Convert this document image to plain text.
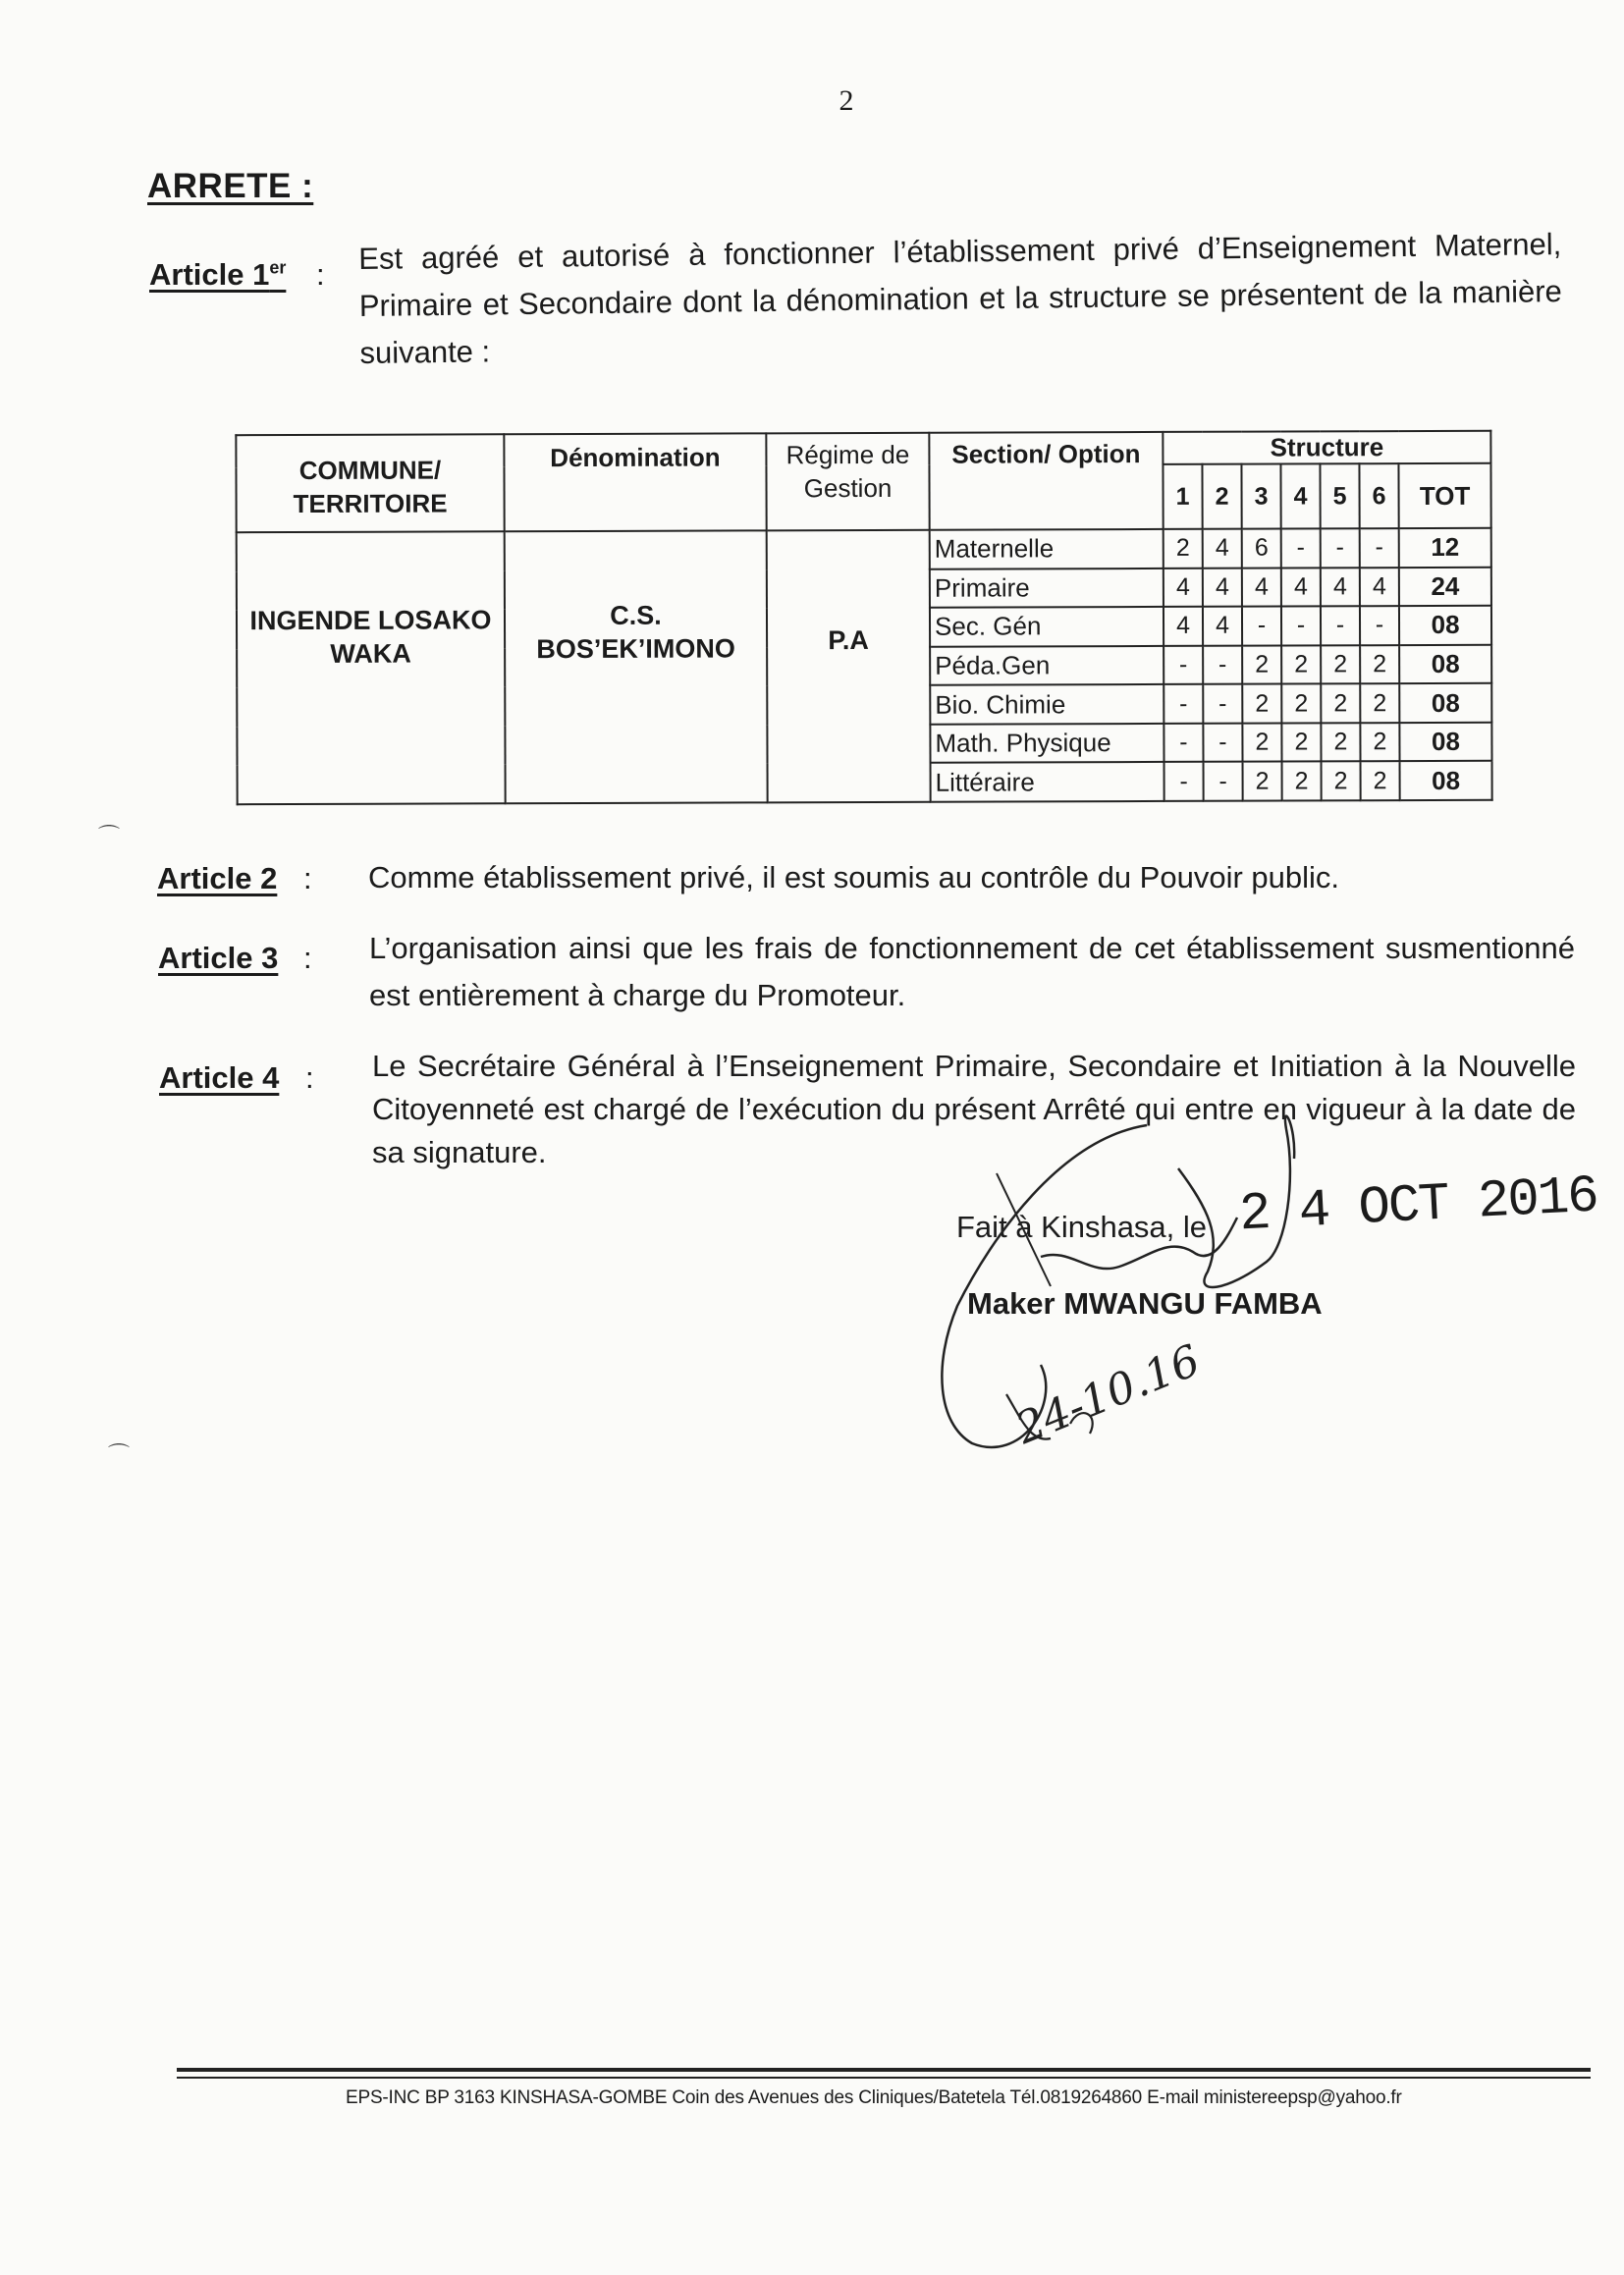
2
ARRETE :
Article 1er : Est agréé et autorisé à fonctionner l’établissement privé d’Enseignement Maternel, Primaire et Secondaire dont la dénomination et la structure se présentent de la manière suivante :
COMMUNE/ TERRITOIRE	Dénomination	Régime de Gestion	Section/ Option	Structure						
				1	2	3	4	5	6	TOT
INGENDE LOSAKO WAKA	C.S. BOS’EK’IMONO	P.A	Maternelle	2	4	6	-	-	-	12
			Primaire	4	4	4	4	4	4	24
			Sec. Gén	4	4	-	-	-	-	08
			Péda.Gen	-	-	2	2	2	2	08
			Bio. Chimie	-	-	2	2	2	2	08
			Math. Physique	-	-	2	2	2	2	08
			Littéraire	-	-	2	2	2	2	08
Article 2 : Comme établissement privé, il est soumis au contrôle du Pouvoir public.
Article 3 : L’organisation ainsi que les frais de fonctionnement de cet établissement susmentionné est entièrement à charge du Promoteur.
Article 4 : Le Secrétaire Général à l’Enseignement Primaire, Secondaire et Initiation à la Nouvelle Citoyenneté est chargé de l’exécution du présent Arrêté qui entre en vigueur à la date de sa signature.
Fait à Kinshasa, le 2 4 OCT 2016
Maker MWANGU FAMBA
24-10.16
⌒
⌒
EPS-INC BP 3163 KINSHASA-GOMBE Coin des Avenues des Cliniques/Batetela Tél.0819264860 E-mail ministereepsp@yahoo.fr
